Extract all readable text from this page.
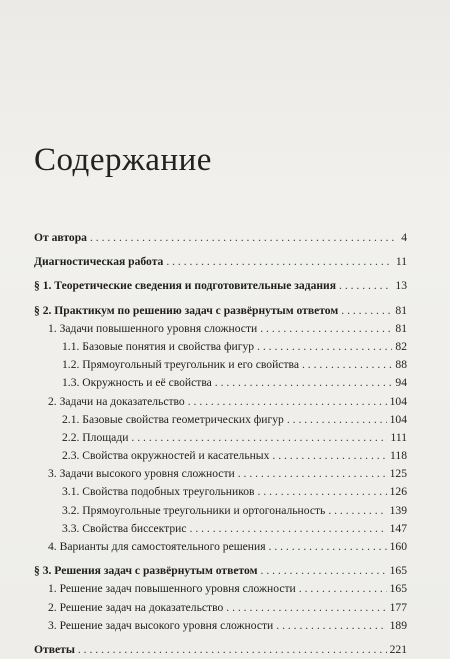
Содержание
От автора . . .	4
Диагностическая работа . . .	11
§ 1. Теоретические сведения и подготовительные задания . . .	13
§ 2. Практикум по решению задач с развёрнутым ответом . . .	81
1. Задачи повышенного уровня сложности . . .	81
1.1. Базовые понятия и свойства фигур . . .	82
1.2. Прямоугольный треугольник и его свойства . . .	88
1.3. Окружность и её свойства . . .	94
2. Задачи на доказательство . . .	104
2.1. Базовые свойства геометрических фигур . . .	104
2.2. Площади . . .	111
2.3. Свойства окружностей и касательных . . .	118
3. Задачи высокого уровня сложности . . .	125
3.1. Свойства подобных треугольников . . .	126
3.2. Прямоугольные треугольники и ортогональность . . .	139
3.3. Свойства биссектрис . . .	147
4. Варианты для самостоятельного решения . . .	160
§ 3. Решения задач с развёрнутым ответом . . .	165
1. Решение задач повышенного уровня сложности . . .	165
2. Решение задач на доказательство . . .	177
3. Решение задач высокого уровня сложности . . .	189
Ответы . . .	221
